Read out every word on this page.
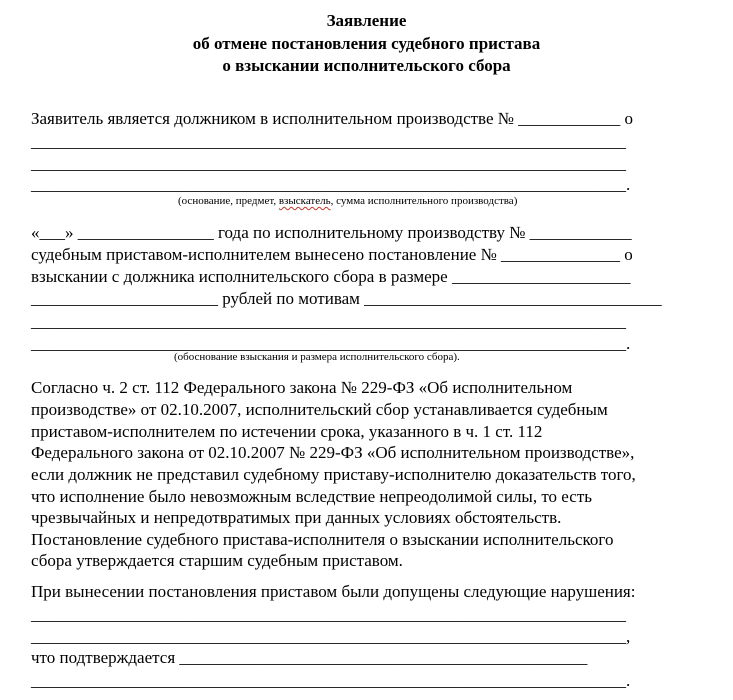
Заявление
об отмене постановления судебного пристава
о взыскании исполнительского сбора
Заявитель является должником в исполнительном производстве № ____________ о
______________________________________________________________________
______________________________________________________________________
______________________________________________________________________.
(основание, предмет, взыскатель, сумма исполнительного производства)
«___» ________________ года по исполнительному производству № ____________
судебным приставом-исполнителем вынесено постановление № ______________ о
взыскании с должника исполнительского сбора в размере _____________________
______________________ рублей по мотивам ___________________________________
______________________________________________________________________
______________________________________________________________________.
(обоснование взыскания и размера исполнительского сбора).
Согласно ч. 2 ст. 112 Федерального закона № 229-ФЗ «Об исполнительном
производстве» от 02.10.2007, исполнительский сбор устанавливается судебным
приставом-исполнителем по истечении срока, указанного в ч. 1 ст. 112
Федерального закона от 02.10.2007 № 229-ФЗ «Об исполнительном производстве»,
если должник не представил судебному приставу-исполнителю доказательств того,
что исполнение было невозможным вследствие непреодолимой силы, то есть
чрезвычайных и непредотвратимых при данных условиях обстоятельств.
Постановление судебного пристава-исполнителя о взыскании исполнительского
сбора утверждается старшим судебным приставом.
При вынесении постановления приставом были допущены следующие нарушения:
______________________________________________________________________
______________________________________________________________________,
что подтверждается ________________________________________________
______________________________________________________________________.
